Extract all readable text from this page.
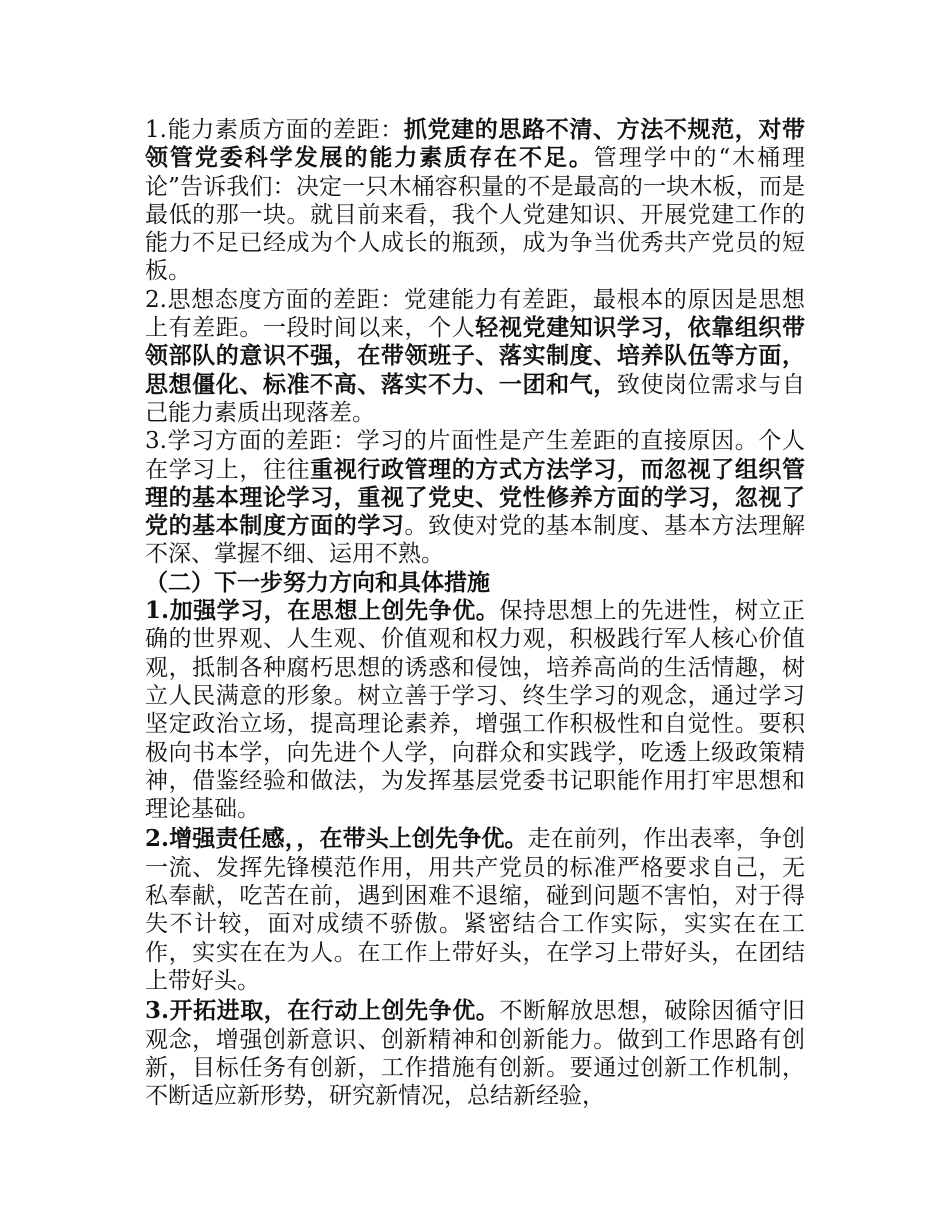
1.能力素质方面的差距：抓党建的思路不清、方法不规范，对带领管党委科学发展的能力素质存在不足。管理学中的“木桶理论”告诉我们：决定一只木桶容积量的不是最高的一块木板，而是最低的那一块。就目前来看，我个人党建知识、开展党建工作的能力不足已经成为个人成长的瓶颈，成为争当优秀共产党员的短板。

2.思想态度方面的差距：党建能力有差距，最根本的原因是思想上有差距。一段时间以来，个人轻视党建知识学习，依靠组织带领部队的意识不强，在带领班子、落实制度、培养队伍等方面，思想僵化、标准不高、落实不力、一团和气，致使岗位需求与自己能力素质出现落差。

3.学习方面的差距：学习的片面性是产生差距的直接原因。个人在学习上，往往重视行政管理的方式方法学习，而忽视了组织管理的基本理论学习，重视了党史、党性修养方面的学习，忽视了党的基本制度方面的学习。致使对党的基本制度、基本方法理解不深、掌握不细、运用不熟。

（二）下一步努力方向和具体措施

1.加强学习，在思想上创先争优。保持思想上的先进性，树立正确的世界观、人生观、价值观和权力观，积极践行军人核心价值观，抵制各种腐朽思想的诱惑和侵蚀，培养高尚的生活情趣，树立人民满意的形象。树立善于学习、终生学习的观念，通过学习坚定政治立场，提高理论素养，增强工作积极性和自觉性。要积极向书本学，向先进个人学，向群众和实践学，吃透上级政策精神，借鉴经验和做法，为发挥基层党委书记职能作用打牢思想和理论基础。

2.增强责任感，，在带头上创先争优。走在前列，作出表率，争创一流、发挥先锋模范作用，用共产党员的标准严格要求自己，无私奉献，吃苦在前，遇到困难不退缩，碰到问题不害怕，对于得失不计较，面对成绩不骄傲。紧密结合工作实际，实实在在工作，实实在在为人。在工作上带好头，在学习上带好头，在团结上带好头。

3.开拓进取，在行动上创先争优。不断解放思想，破除因循守旧观念，增强创新意识、创新精神和创新能力。做到工作思路有创新，目标任务有创新，工作措施有创新。要通过创新工作机制，不断适应新形势，研究新情况，总结新经验，
